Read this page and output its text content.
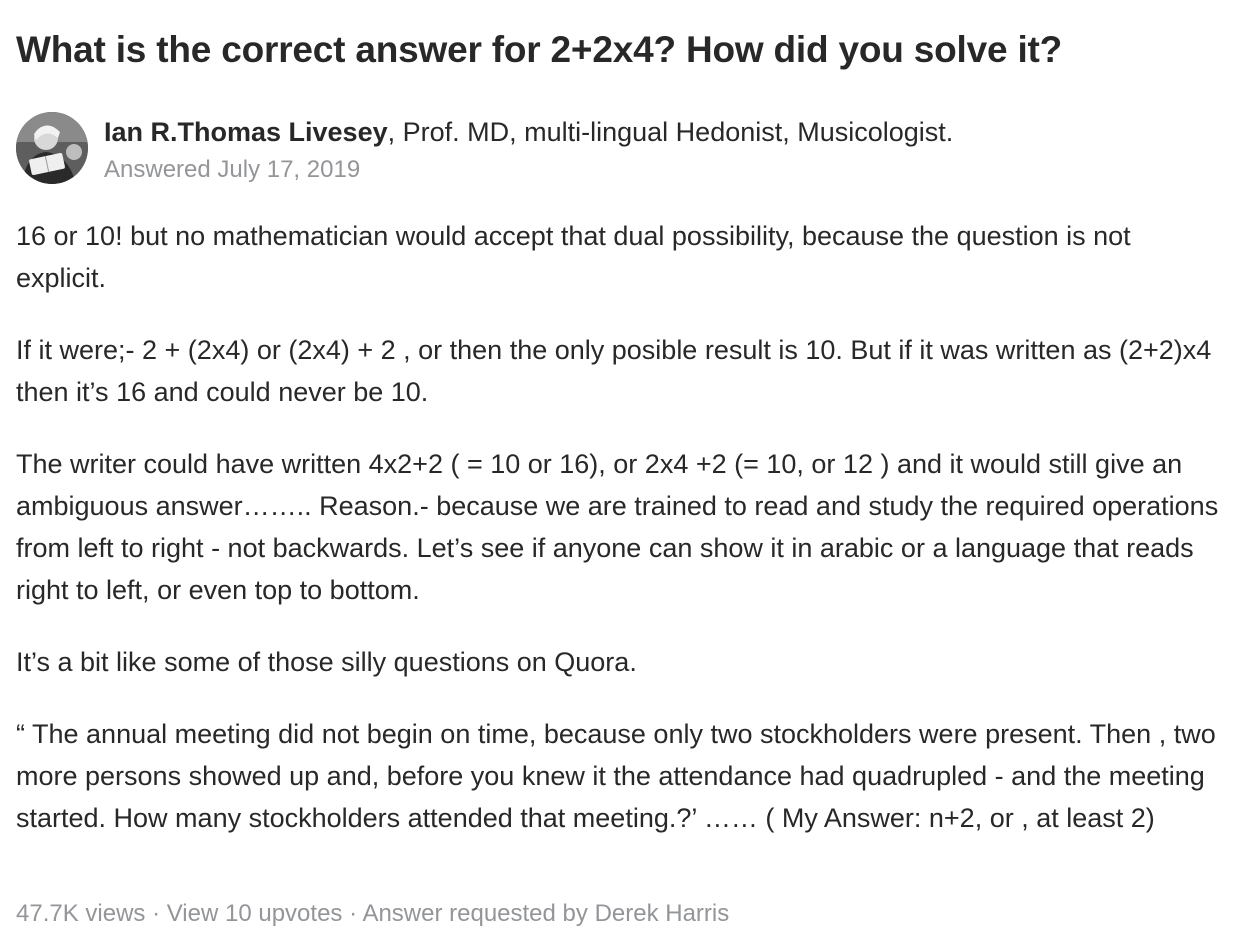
What is the correct answer for 2+2x4? How did you solve it?
Ian R.Thomas Livesey, Prof. MD, multi-lingual Hedonist, Musicologist.
Answered July 17, 2019

16 or 10! but no mathematician would accept that dual possibility, because the question is not explicit.

If it were;- 2 + (2x4) or (2x4) + 2 , or then the only posible result is 10. But if it was written as (2+2)x4 then it’s 16 and could never be 10.

The writer could have written 4x2+2 ( = 10 or 16), or 2x4 +2 (= 10, or 12 ) and it would still give an ambiguous answer…….. Reason.- because we are trained to read and study the required operations from left to right - not backwards. Let’s see if anyone can show it in arabic or a language that reads right to left, or even top to bottom.

It’s a bit like some of those silly questions on Quora.

“ The annual meeting did not begin on time, because only two stockholders were present. Then , two more persons showed up and, before you knew it the attendance had quadrupled - and the meeting started. How many stockholders attended that meeting.?’ …… ( My Answer: n+2, or , at least 2)

47.7K views · View 10 upvotes · Answer requested by Derek Harris
